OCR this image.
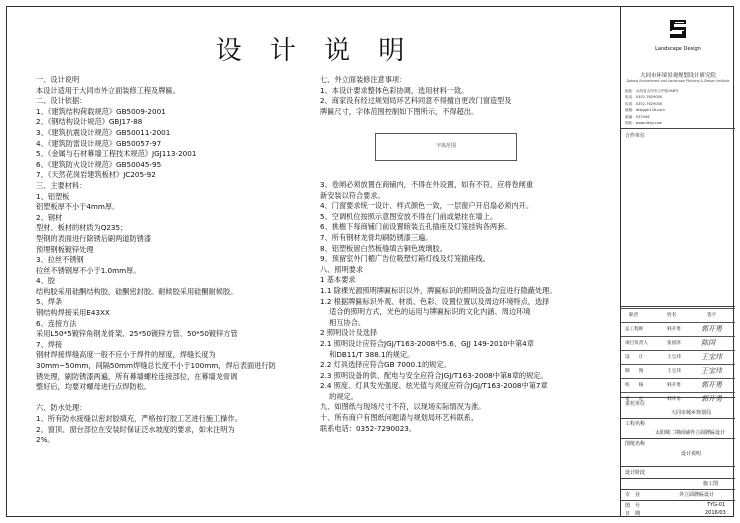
设 计 说 明
一、设计说明
本设计适用于大同市外立面装修工程及牌匾。
二、设计依据：
1、《建筑结构荷载规范》GB5009-2001
2、《钢结构设计规范》GBJ17-88
3、《建筑抗震设计规范》GB50011-2001
4、《建筑防雷设计规范》GB50057-97
5、《金属与石材幕墙工程技术规范》JGJ113-2001
6、《建筑防火设计规范》GB50045-95
7、《天然花岗岩建筑板材》JC205-92
三、主要材料：
1、铝塑板
铝塑板厚不小于4mm厚。
2、钢材
型材、板材的材质为Q235；
型钢的表面进行除锈后刷两道防锈漆
预埋钢板镀锌处理
3、拉丝不锈钢
拉丝不锈钢厚不小于1.0mm厚。
4、胶
结构胶采用硅酮结构胶，硅酮密封胶。耐候胶采用硅酮耐候胶。
5、焊条
钢结构焊接采用E43XX
6、连接方法
采用L50*5镀锌角钢龙骨架、25*50镀锌方管、50*50镀锌方管
7、焊接
钢材焊接焊缝高度一般不应小于焊件的厚度，焊缝长度为
30mm~50mm，间隔50mm焊缝总长度不小于100mm，焊后表面进行防
锈处理，刷防锈漆两遍，所有幕墙螺栓连接部位，在幕墙龙骨调
整好后，均要对螺母进行点焊防松。
六、防水处理：
1、所有防水接缝以密封胶填充，严格按打胶工艺进行施工操作。
2、窗顶、窗台部位在安装时保证泛水坡度的要求，如未注明为
2%。
七、外立面装修注意事项：
1、本设计要求整体色彩协调，选用材料一致。
2、商家没有经过规划局环艺科同意不得擅自更改门窗造型及
牌匾尺寸，字体范围控制如下图所示，不得超出。
字体范围
3、卷闸必须放置在商铺内，不得在外设置，如有不符，应将卷闸重
新安装以符合要求。
4、门窗要求统一设计、样式颜色一致，一层窗户开启扇必须内开。
5、空调机位按照示意图安放不得在门前或悬挂在墙上。
6、挑檐下每商铺门前设置暗装五孔插座及灯笼挂钩各两套。
7、所有钢材龙骨均刷防锈漆三遍。
8、铝塑板留白然板缝填古铜色玻璃胶。
9、预留室外门楣广告位吸塑灯箱灯线及灯笼插座线。
八、照明要求
1 基本要求
1.1 除裸光源照明牌匾标识以外，牌匾标识的照明设备均宜进行隐蔽处理。
1.2 根据牌匾标识外观、材质、色彩、设置位置以及周边环境特点，选择
适合的照明方式，光色的运用与牌匾标识的文化内涵、周边环境
相互协合。
2 照明设计及选择
2.1 照明设计应符合JGJ/T163-2008中5.6、GJJ 149-2010中第4章
和DB11/T 388.1的规定。
2.2 灯具选择应符合GB 7000.1的规定。
2.3 照明设备的供、配电与安全应符合JGJ/T163-2008中第8章的规定。
2.4 照度、灯具发光强度、炫光值与亮度应符合JGJ/T163-2008中第7章
的规定。
九、如图纸与现场尺寸不符，以现场实际情况为准。
十、所有商户有图纸问题请与规划局环艺科联系，
联系电话：0352-7290023。
Landscape Design
大同市环境景观规划设计研究院
Datong Environment and Landscape Planning & Design Institute
地址：山西省大同市云中路168号
电话：0352-7629000
传真：0352-7629000
邮箱：dtslggh126.com
邮编：037006
网址：www.dtsjy.com
合作单位
职责	姓名	签字
总工程师	韩开勇	郭开勇
项目负责人	张国淳	陈国
设　　计	王宝玮	王宝玮
制　　图	王宝玮	王宝玮
校　　核	韩开勇	郭开勇
审　　定	韩开勇	郭开勇
委托单位
大同市城乡规划局
工程名称
太阳城二期商铺外立面牌匾设计
图纸名称
设计说明
设计阶段
施工图
专　业	外立面牌匾设计
图　号	TYG-01
日　期	2016/03
